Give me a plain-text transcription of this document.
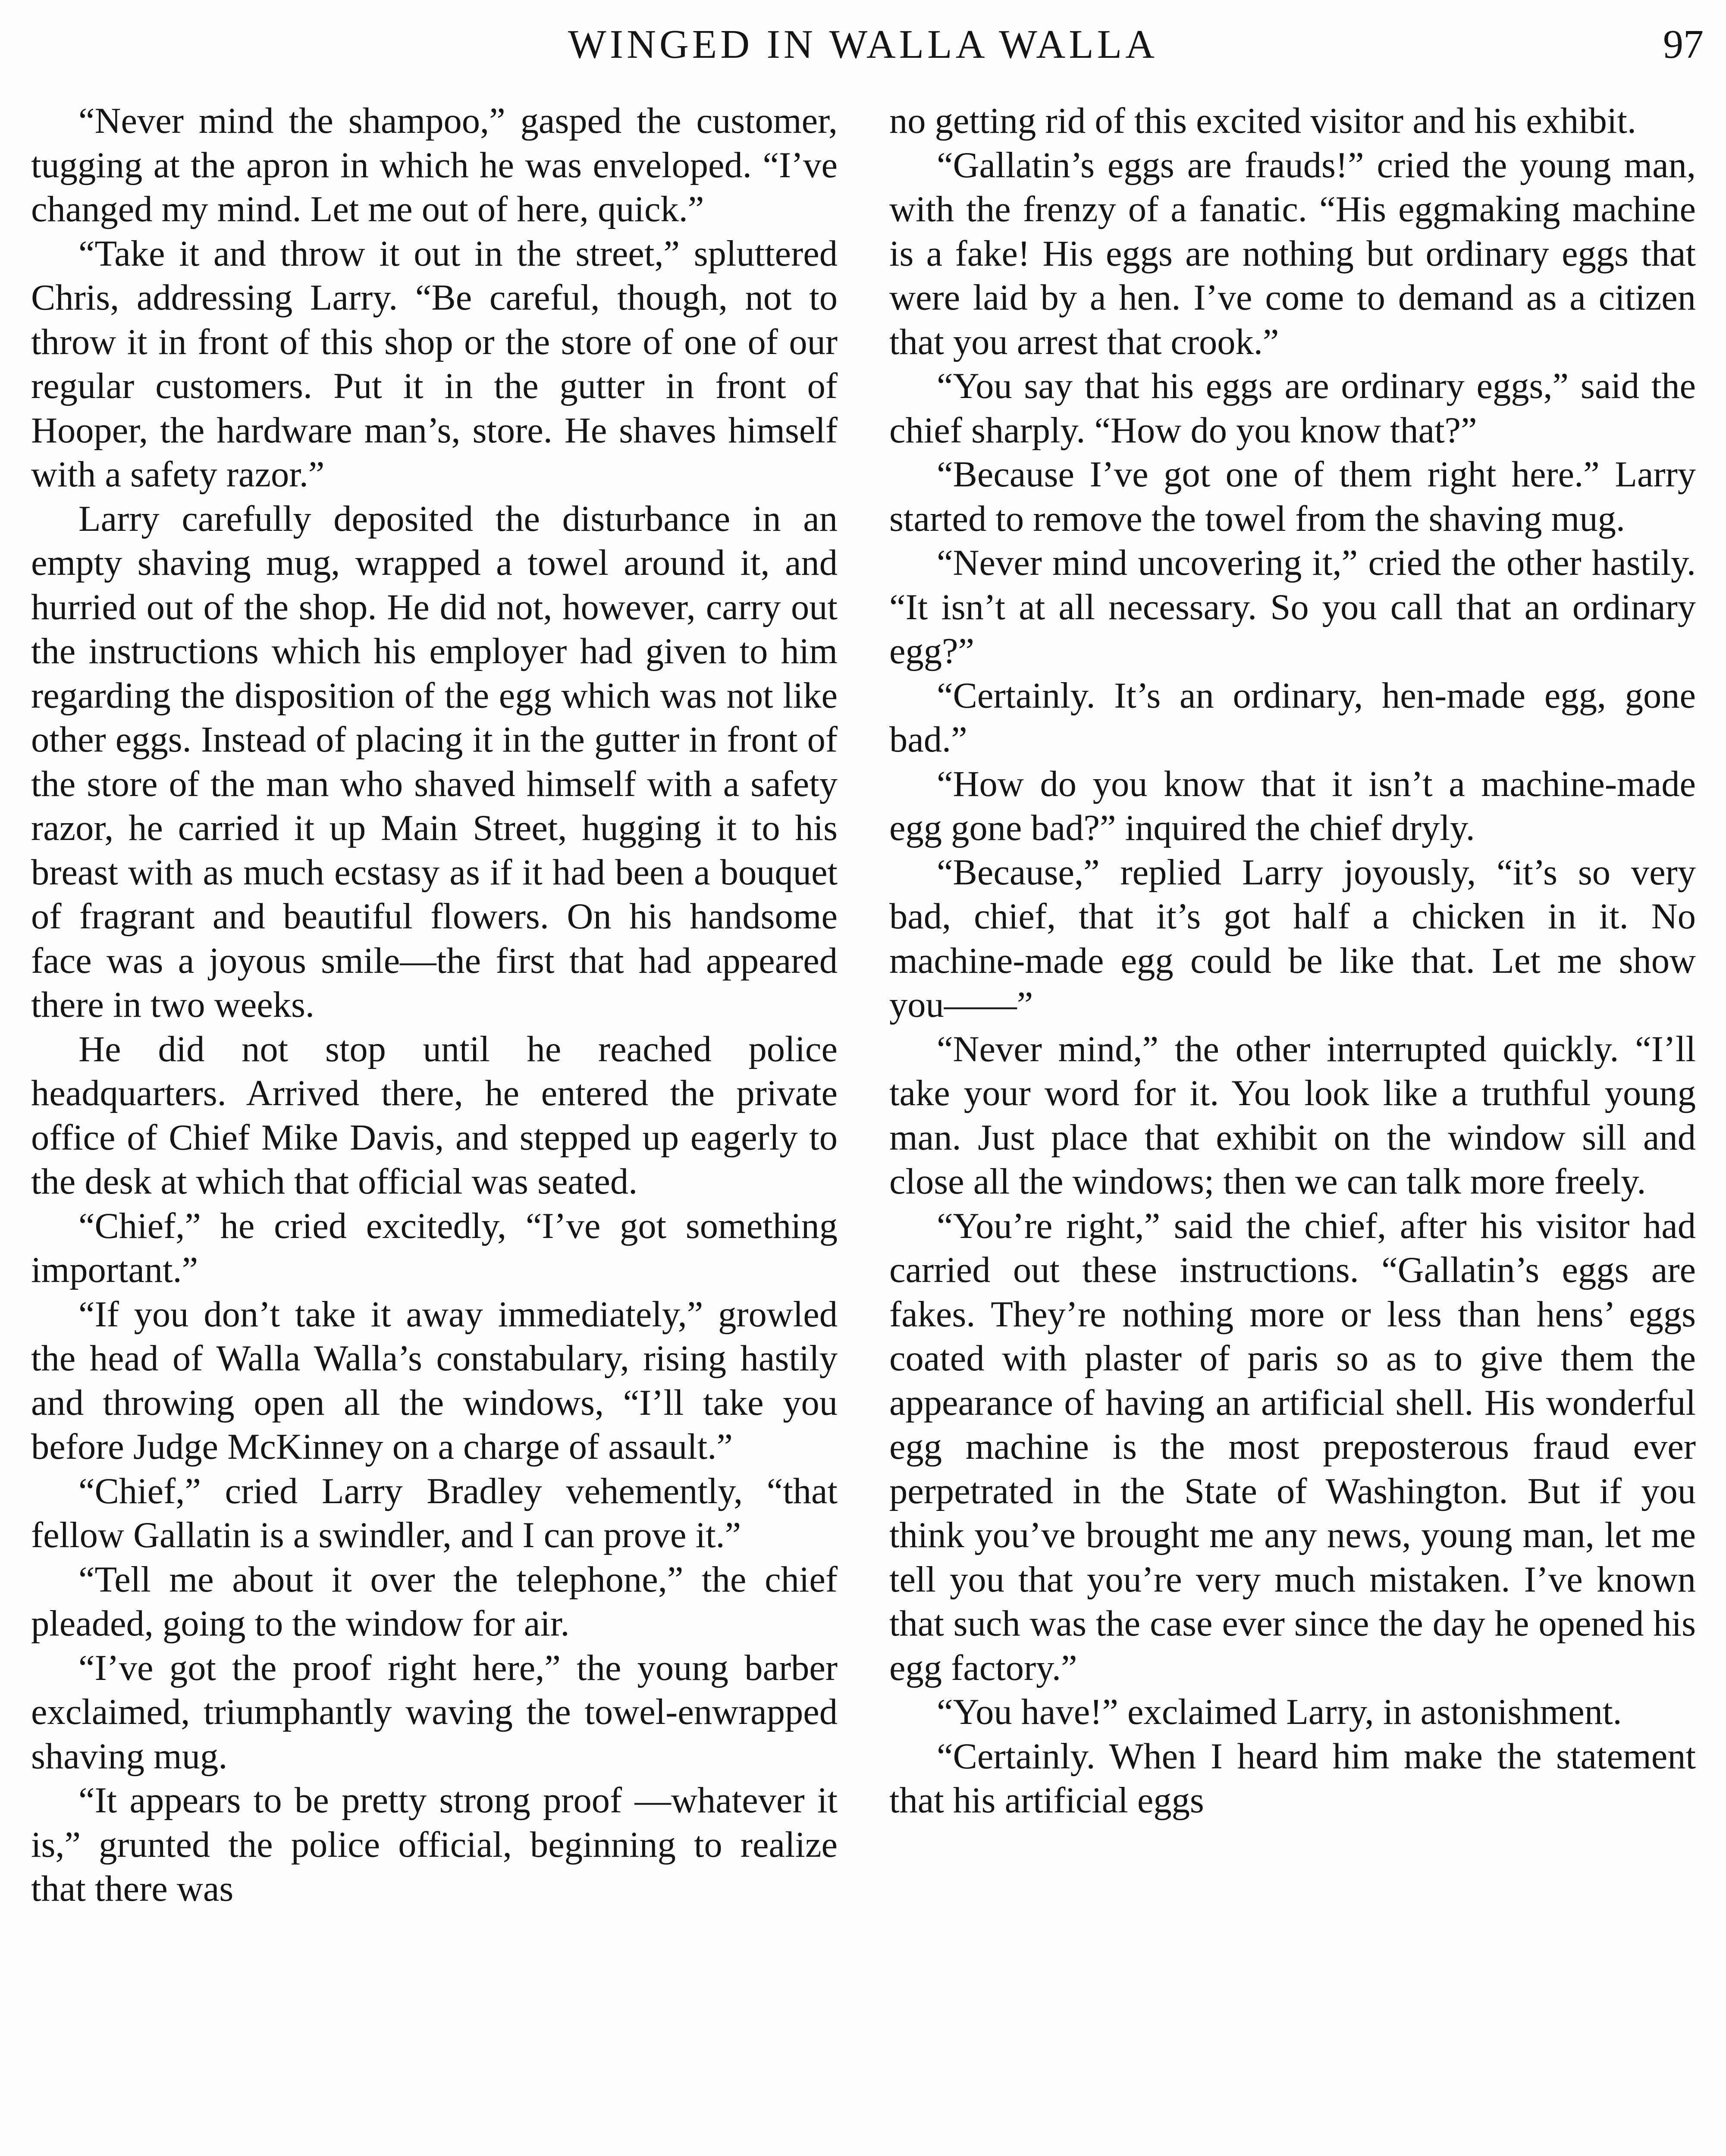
WINGED IN WALLA WALLA	97

“Never mind the shampoo,” gasped the customer, tugging at the apron in which he was enveloped. “I’ve changed my mind. Let me out of here, quick.”

“Take it and throw it out in the street,” spluttered Chris, addressing Larry. “Be careful, though, not to throw it in front of this shop or the store of one of our regular customers. Put it in the gutter in front of Hooper, the hardware man’s, store. He shaves himself with a safety razor.”

Larry carefully deposited the disturbance in an empty shaving mug, wrapped a towel around it, and hurried out of the shop. He did not, however, carry out the instructions which his employer had given to him regarding the disposition of the egg which was not like other eggs. Instead of placing it in the gutter in front of the store of the man who shaved himself with a safety razor, he carried it up Main Street, hugging it to his breast with as much ecstasy as if it had been a bouquet of fragrant and beautiful flowers. On his handsome face was a joyous smile—the first that had appeared there in two weeks.

He did not stop until he reached police headquarters. Arrived there, he entered the private office of Chief Mike Davis, and stepped up eagerly to the desk at which that official was seated.

“Chief,” he cried excitedly, “I’ve got something important.”

“If you don’t take it away immediately,” growled the head of Walla Walla’s constabulary, rising hastily and throwing open all the windows, “I’ll take you before Judge McKinney on a charge of assault.”

“Chief,” cried Larry Bradley vehemently, “that fellow Gallatin is a swindler, and I can prove it.”

“Tell me about it over the telephone,” the chief pleaded, going to the window for air.

“I’ve got the proof right here,” the young barber exclaimed, triumphantly waving the towel-enwrapped shaving mug.

“It appears to be pretty strong proof —whatever it is,” grunted the police official, beginning to realize that there was

no getting rid of this excited visitor and his exhibit.

“Gallatin’s eggs are frauds!” cried the young man, with the frenzy of a fanatic. “His eggmaking machine is a fake! His eggs are nothing but ordinary eggs that were laid by a hen. I’ve come to demand as a citizen that you arrest that crook.”

“You say that his eggs are ordinary eggs,” said the chief sharply. “How do you know that?”

“Because I’ve got one of them right here.” Larry started to remove the towel from the shaving mug.

“Never mind uncovering it,” cried the other hastily. “It isn’t at all necessary. So you call that an ordinary egg?”

“Certainly. It’s an ordinary, hen-made egg, gone bad.”

“How do you know that it isn’t a machine-made egg gone bad?” inquired the chief dryly.

“Because,” replied Larry joyously, “it’s so very bad, chief, that it’s got half a chicken in it. No machine-made egg could be like that. Let me show you——”

“Never mind,” the other interrupted quickly. “I’ll take your word for it. You look like a truthful young man. Just place that exhibit on the window sill and close all the windows; then we can talk more freely.

“You’re right,” said the chief, after his visitor had carried out these instructions. “Gallatin’s eggs are fakes. They’re nothing more or less than hens’ eggs coated with plaster of paris so as to give them the appearance of having an artificial shell. His wonderful egg machine is the most preposterous fraud ever perpetrated in the State of Washington. But if you think you’ve brought me any news, young man, let me tell you that you’re very much mistaken. I’ve known that such was the case ever since the day he opened his egg factory.”

“You have!” exclaimed Larry, in astonishment.

“Certainly. When I heard him make the statement that his artificial eggs
